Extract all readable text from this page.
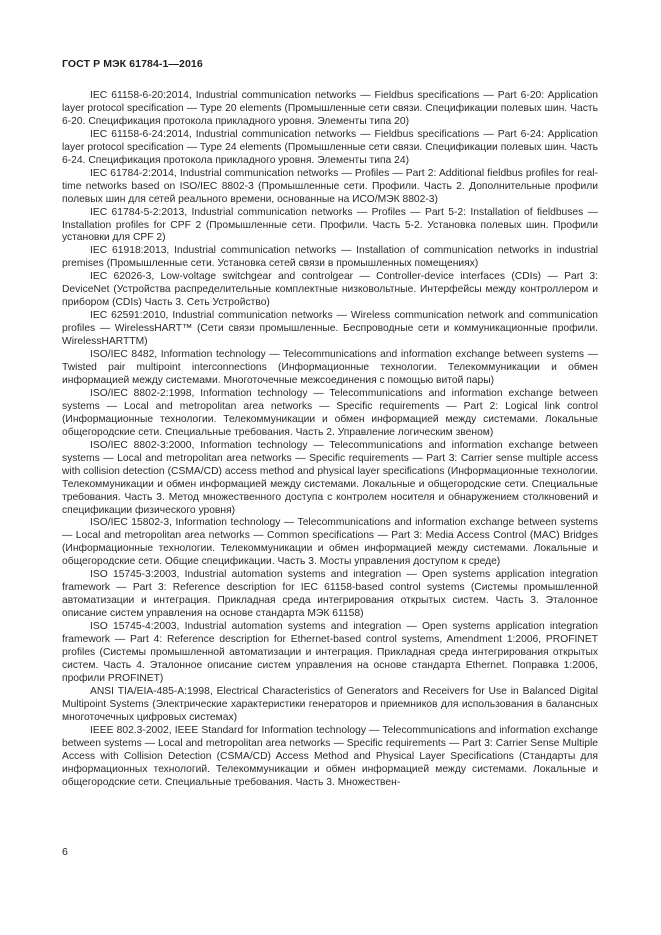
ГОСТ Р МЭК 61784-1—2016

IEC 61158-6-20:2014, Industrial communication networks — Fieldbus specifications — Part 6-20: Application layer protocol specification — Type 20 elements (Промышленные сети связи. Спецификации полевых шин. Часть 6-20. Спецификация протокола прикладного уровня. Элементы типа 20)

IEC 61158-6-24:2014, Industrial communication networks — Fieldbus specifications — Part 6-24: Application layer protocol specification — Type 24 elements (Промышленные сети связи. Спецификации полевых шин. Часть 6-24. Спецификация протокола прикладного уровня. Элементы типа 24)

IEC 61784-2:2014, Industrial communication networks — Profiles — Part 2: Additional fieldbus profiles for real-time networks based on ISO/IEC 8802-3 (Промышленные сети. Профили. Часть 2. Дополнительные профили полевых шин для сетей реального времени, основанные на ИСО/МЭК 8802-3)

IEC 61784-5-2:2013, Industrial communication networks — Profiles — Part 5-2: Installation of fieldbuses — Installation profiles for CPF 2 (Промышленные сети. Профили. Часть 5-2. Установка полевых шин. Профили установки для CPF 2)

IEC 61918:2013, Industrial communication networks — Installation of communication networks in industrial premises (Промышленные сети. Установка сетей связи в промышленных помещениях)

IEC 62026-3, Low-voltage switchgear and controlgear — Controller-device interfaces (CDIs) — Part 3: DeviceNet (Устройства распределительные комплектные низковольтные. Интерфейсы между контроллером и прибором (CDIs) Часть 3. Сеть Устройство)

IEC 62591:2010, Industrial communication networks — Wireless communication network and communication profiles — WirelessHART™ (Сети связи промышленные. Беспроводные сети и коммуникационные профили. WirelessHARTTM)

ISO/IEC 8482, Information technology — Telecommunications and information exchange between systems — Twisted pair multipoint interconnections (Информационные технологии. Телекоммуникации и обмен информацией между системами. Многоточечные межсоединения с помощью витой пары)

ISO/IEC 8802-2:1998, Information technology — Telecommunications and information exchange between systems — Local and metropolitan area networks — Specific requirements — Part 2: Logical link control (Информационные технологии. Телекоммуникации и обмен информацией между системами. Локальные общегородские сети. Специальные требования. Часть 2. Управление логическим звеном)

ISO/IEC 8802-3:2000, Information technology — Telecommunications and information exchange between systems — Local and metropolitan area networks — Specific requirements — Part 3: Carrier sense multiple access with collision detection (CSMA/CD) access method and physical layer specifications (Информационные технологии. Телекоммуникации и обмен информацией между системами. Локальные и общегородские сети. Специальные требования. Часть 3. Метод множественного доступа с контролем носителя и обнаружением столкновений и спецификации физического уровня)

ISO/IEC 15802-3, Information technology — Telecommunications and information exchange between systems — Local and metropolitan area networks — Common specifications — Part 3: Media Access Control (MAC) Bridges (Информационные технологии. Телекоммуникации и обмен информацией между системами. Локальные и общегородские сети. Общие спецификации. Часть 3. Мосты управления доступом к среде)

ISO 15745-3:2003, Industrial automation systems and integration — Open systems application integration framework — Part 3: Reference description for IEC 61158-based control systems (Системы промышленной автоматизации и интеграция. Прикладная среда интегрирования открытых систем. Часть 3. Эталонное описание систем управления на основе стандарта МЭК 61158)

ISO 15745-4:2003, Industrial automation systems and integration — Open systems application integration framework — Part 4: Reference description for Ethernet-based control systems, Amendment 1:2006, PROFINET profiles (Системы промышленной автоматизации и интеграция. Прикладная среда интегрирования открытых систем. Часть 4. Эталонное описание систем управления на основе стандарта Ethernet. Поправка 1:2006, профили PROFINET)

ANSI TIA/EIA-485-A:1998, Electrical Characteristics of Generators and Receivers for Use in Balanced Digital Multipoint Systems (Электрические характеристики генераторов и приемников для использования в балансных многоточечных цифровых системах)

IEEE 802.3-2002, IEEE Standard for Information technology — Telecommunications and information exchange between systems — Local and metropolitan area networks — Specific requirements — Part 3: Carrier Sense Multiple Access with Collision Detection (CSMA/CD) Access Method and Physical Layer Specifications (Стандарты для информационных технологий. Телекоммуникации и обмен информацией между системами. Локальные и общегородские сети. Специальные требования. Часть 3. Множествен-

6
